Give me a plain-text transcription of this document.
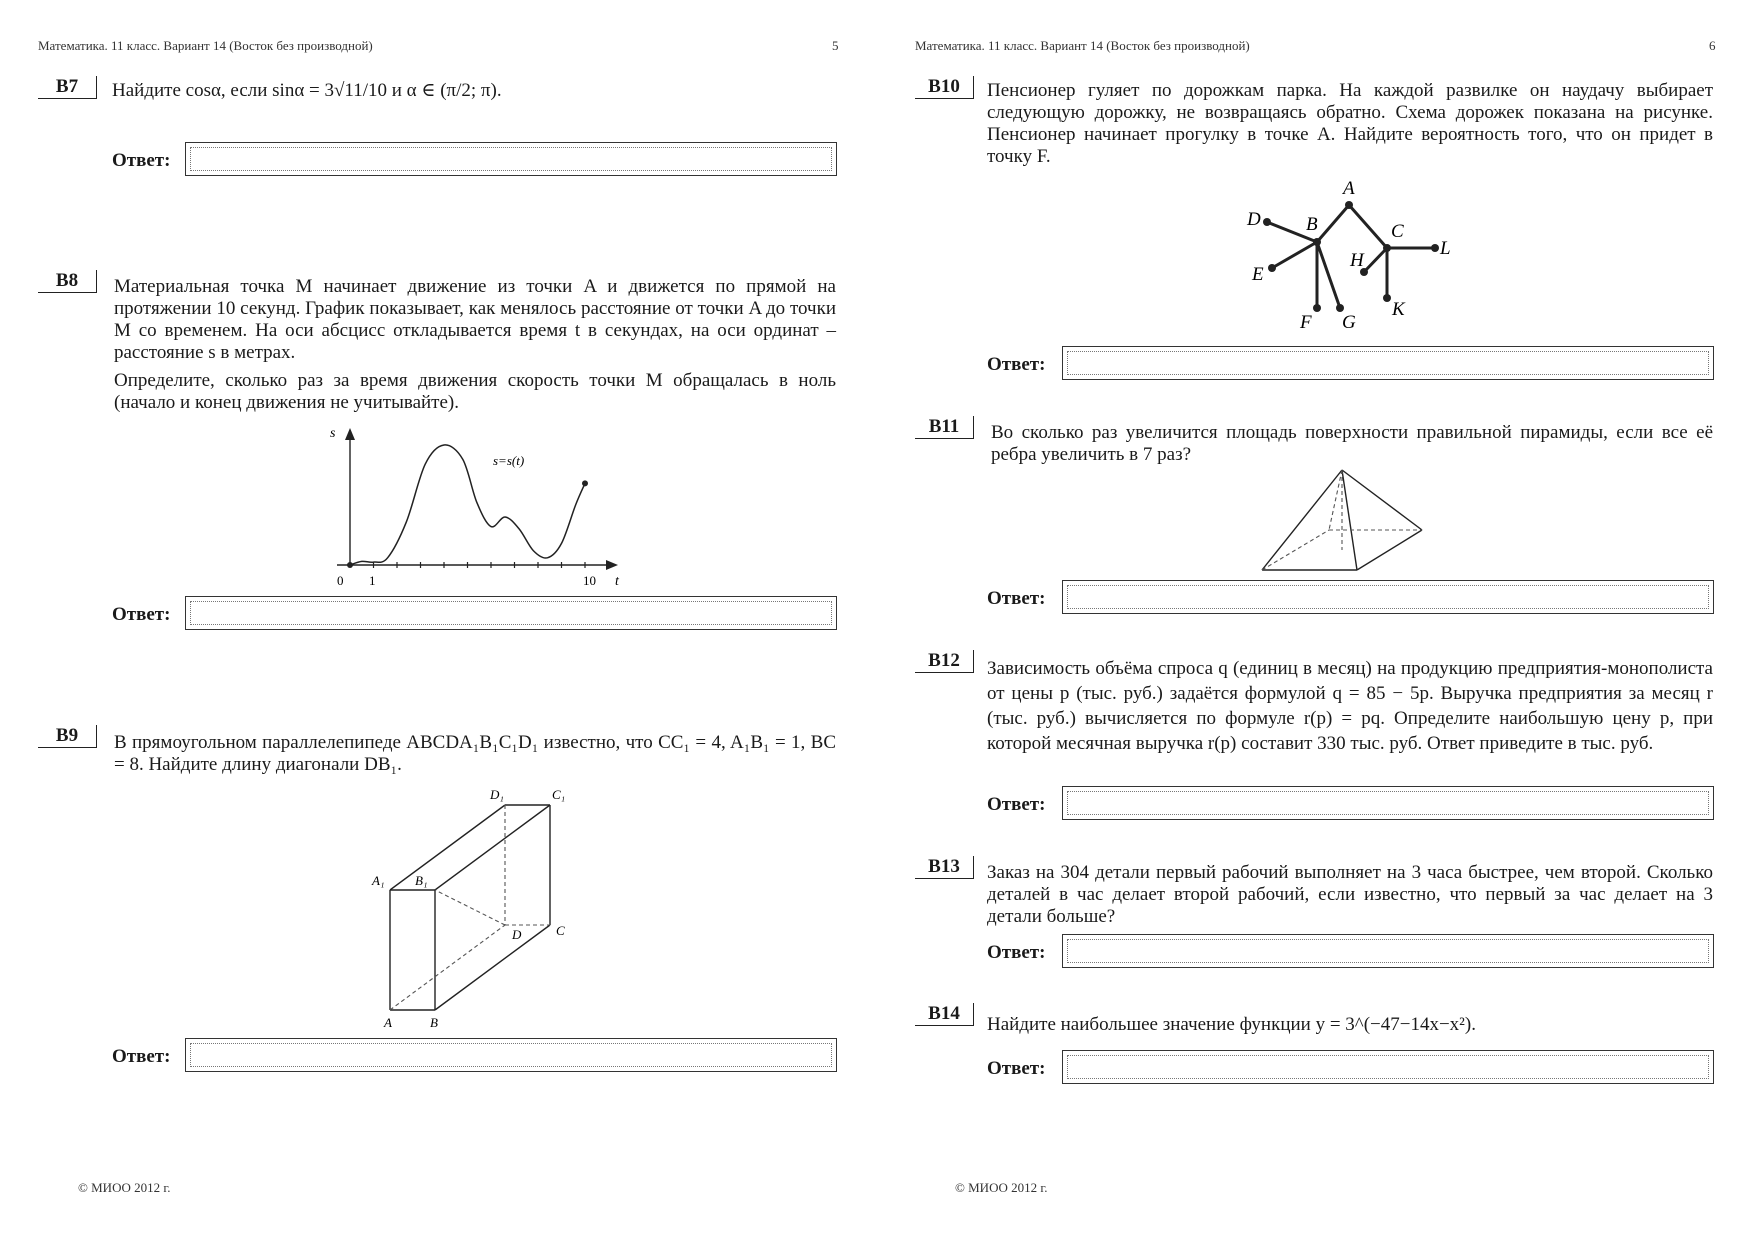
Математика. 11 класс. Вариант 14 (Восток без производной)	5
B7	Найдите cosα, если sinα = 3√11/10 и α ∈ (π/2; π).
Ответ:
B8	Материальная точка M начинает движение из точки A и движется по прямой на протяжении 10 секунд. График показывает, как менялось расстояние от точки A до точки M со временем. На оси абсцисс откладывается время t в секундах, на оси ординат – расстояние s в метрах.

Определите, сколько раз за время движения скорость точки M обращалась в ноль (начало и конец движения не учитывайте).

s
t
s=s(t)
0 1	10
Ответ:
B9	В прямоугольном параллелепипеде ABCDA₁B₁C₁D₁ известно, что CC₁ = 4, A₁B₁ = 1, BC = 8. Найдите длину диагонали DB₁.
D₁	C₁
A₁ B₁
D	C
A	B
Ответ:
© МИОО 2012 г.
Математика. 11 класс. Вариант 14 (Восток без производной)	6
B10	Пенсионер гуляет по дорожкам парка. На каждой развилке он наудачу выбирает следующую дорожку, не возвращаясь обратно. Схема дорожек показана на рисунке. Пенсионер начинает прогулку в точке A. Найдите вероятность того, что он придет в точку F.
A
B	C
D
E
F G
H
K
L
Ответ:
B11	Во сколько раз увеличится площадь поверхности правильной пирамиды, если все её ребра увеличить в 7 раз?
Ответ:
B12	Зависимость объёма спроса q (единиц в месяц) на продукцию предприятия-монополиста от цены p (тыс. руб.) задаётся формулой q = 85 − 5p. Выручка предприятия за месяц r (тыс. руб.) вычисляется по формуле r(p) = pq. Определите наибольшую цену p, при которой месячная выручка r(p) составит 330 тыс. руб. Ответ приведите в тыс. руб.
Ответ:
B13	Заказ на 304 детали первый рабочий выполняет на 3 часа быстрее, чем второй. Сколько деталей в час делает второй рабочий, если известно, что первый за час делает на 3 детали больше?
Ответ:
B14
Найдите наибольшее значение функции y = 3^(−47−14x−x²).
Ответ:
© МИОО 2012 г.
